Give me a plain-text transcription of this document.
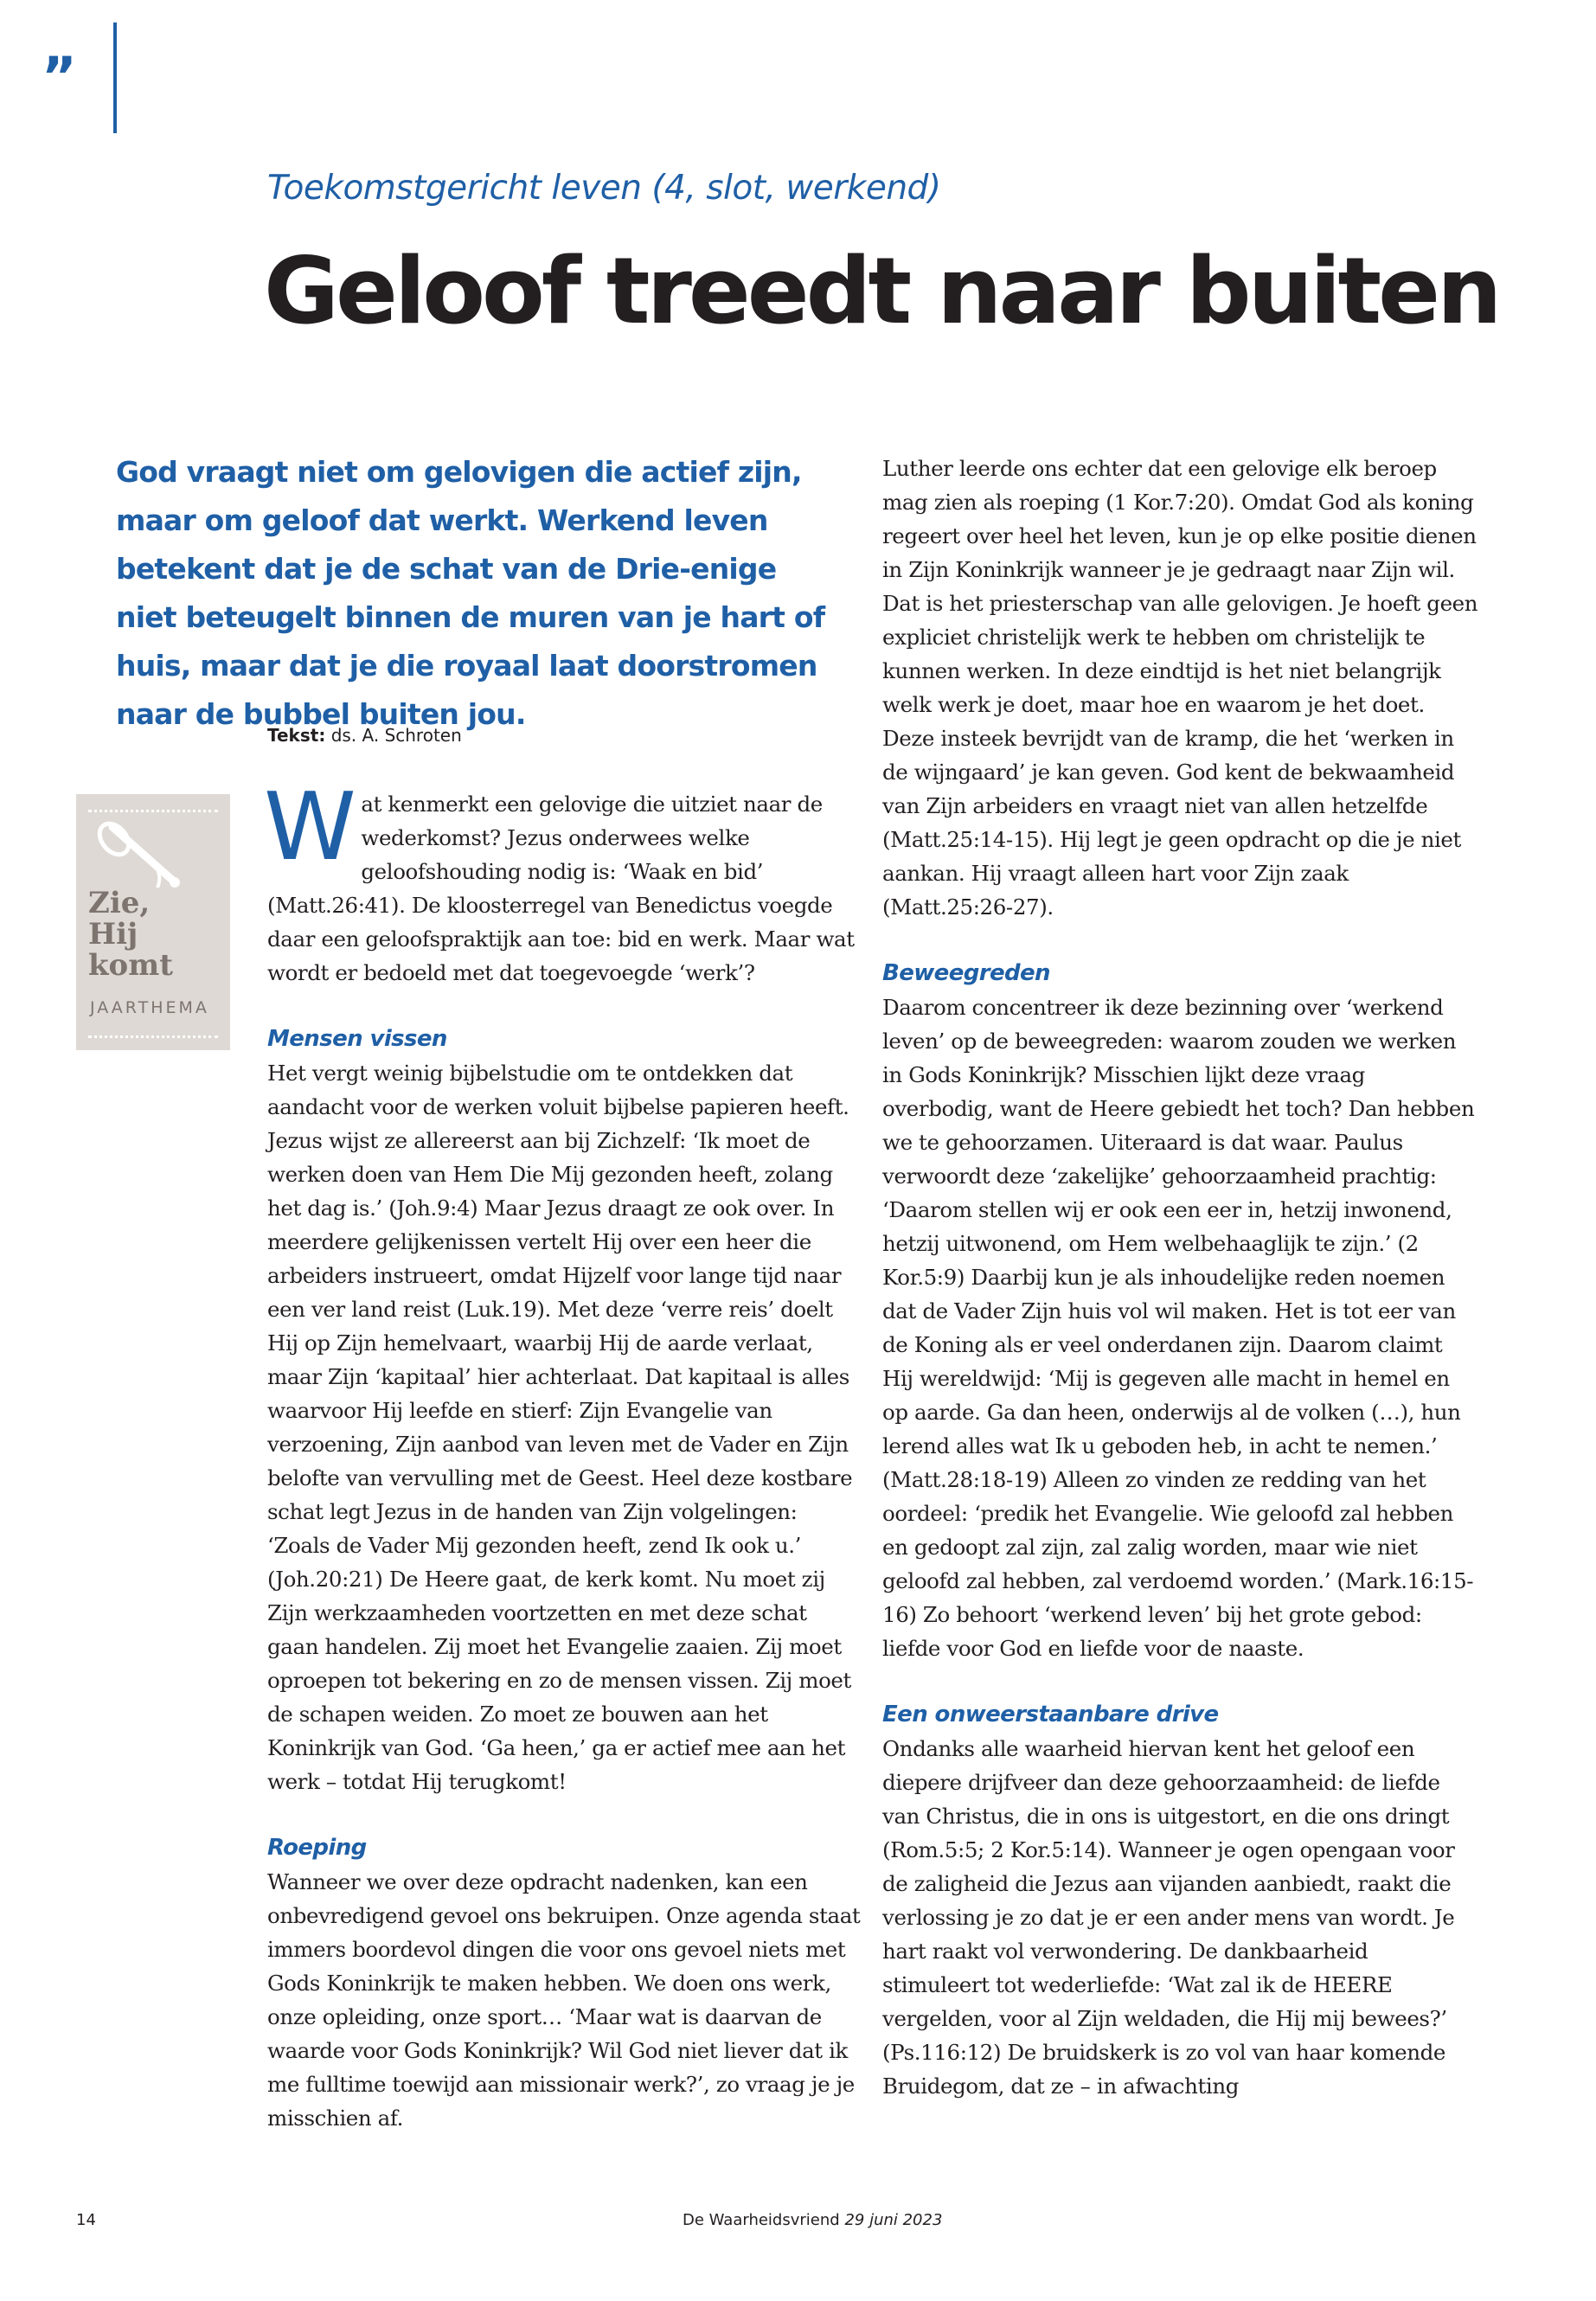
”
Toekomstgericht leven (4, slot, werkend)
Geloof treedt naar buiten
God vraagt niet om gelovigen die actief zijn, maar om geloof dat werkt. Werkend leven betekent dat je de schat van de Drie-enige niet beteugelt binnen de muren van je hart of huis, maar dat je die royaal laat doorstromen naar de bubbel buiten jou.
Tekst: ds. A. Schroten
Zie,
Hij
komt
JAARTHEMA

Wat kenmerkt een gelovige die uitziet naar de wederkomst? Jezus onderwees welke geloofshouding nodig is: ‘Waak en bid’ (Matt.26:41). De kloosterregel van Benedictus voegde daar een geloofspraktijk aan toe: bid en werk. Maar wat wordt er bedoeld met dat toegevoegde ‘werk’?

Mensen vissen

Het vergt weinig bijbelstudie om te ontdekken dat aandacht voor de werken voluit bijbelse papieren heeft. Jezus wijst ze allereerst aan bij Zichzelf: ‘Ik moet de werken doen van Hem Die Mij gezonden heeft, zolang het dag is.’ (Joh.9:4) Maar Jezus draagt ze ook over. In meerdere gelijkenissen vertelt Hij over een heer die arbeiders instrueert, omdat Hijzelf voor lange tijd naar een ver land reist (Luk.19). Met deze ‘verre reis’ doelt Hij op Zijn hemelvaart, waarbij Hij de aarde verlaat, maar Zijn ‘kapitaal’ hier achterlaat. Dat kapitaal is alles waarvoor Hij leefde en stierf: Zijn Evangelie van verzoening, Zijn aanbod van leven met de Vader en Zijn belofte van vervulling met de Geest. Heel deze kostbare schat legt Jezus in de handen van Zijn volgelingen: ‘Zoals de Vader Mij gezonden heeft, zend Ik ook u.’ (Joh.20:21) De Heere gaat, de kerk komt. Nu moet zij Zijn werkzaamheden voortzetten en met deze schat gaan handelen. Zij moet het Evangelie zaaien. Zij moet oproepen tot bekering en zo de mensen vissen. Zij moet de schapen weiden. Zo moet ze bouwen aan het Koninkrijk van God. ‘Ga heen,’ ga er actief mee aan het werk – totdat Hij terugkomt!

Roeping

Wanneer we over deze opdracht nadenken, kan een onbevredigend gevoel ons bekruipen. Onze agenda staat immers boordevol dingen die voor ons gevoel niets met Gods Koninkrijk te maken hebben. We doen ons werk, onze opleiding, onze sport… ‘Maar wat is daarvan de waarde voor Gods Koninkrijk? Wil God niet liever dat ik me fulltime toewijd aan missionair werk?’, zo vraag je je misschien af.

Luther leerde ons echter dat een gelovige elk beroep mag zien als roeping (1 Kor.7:20). Omdat God als koning regeert over heel het leven, kun je op elke positie dienen in Zijn Koninkrijk wanneer je je gedraagt naar Zijn wil. Dat is het priesterschap van alle gelovigen. Je hoeft geen expliciet christelijk werk te hebben om christelijk te kunnen werken. In deze eindtijd is het niet belangrijk welk werk je doet, maar hoe en waarom je het doet. Deze insteek bevrijdt van de kramp, die het ‘werken in de wijngaard’ je kan geven. God kent de bekwaamheid van Zijn arbeiders en vraagt niet van allen hetzelfde (Matt.25:14-15). Hij legt je geen opdracht op die je niet aankan. Hij vraagt alleen hart voor Zijn zaak (Matt.25:26-27).

Beweegreden

Daarom concentreer ik deze bezinning over ‘werkend leven’ op de beweegreden: waarom zouden we werken in Gods Koninkrijk? Misschien lijkt deze vraag overbodig, want de Heere gebiedt het toch? Dan hebben we te gehoorzamen. Uiteraard is dat waar. Paulus verwoordt deze ‘zakelijke’ gehoorzaamheid prachtig: ‘Daarom stellen wij er ook een eer in, hetzij inwonend, hetzij uitwonend, om Hem welbehaaglijk te zijn.’ (2 Kor.5:9) Daarbij kun je als inhoudelijke reden noemen dat de Vader Zijn huis vol wil maken. Het is tot eer van de Koning als er veel onderdanen zijn. Daarom claimt Hij wereldwijd: ‘Mij is gegeven alle macht in hemel en op aarde. Ga dan heen, onderwijs al de volken (…), hun lerend alles wat Ik u geboden heb, in acht te nemen.’ (Matt.28:18-19) Alleen zo vinden ze redding van het oordeel: ‘predik het Evangelie. Wie geloofd zal hebben en gedoopt zal zijn, zal zalig worden, maar wie niet geloofd zal hebben, zal verdoemd worden.’ (Mark.16:15-16) Zo behoort ‘werkend leven’ bij het grote gebod: liefde voor God en liefde voor de naaste.

Een onweerstaanbare drive

Ondanks alle waarheid hiervan kent het geloof een diepere drijfveer dan deze gehoorzaamheid: de liefde van Christus, die in ons is uitgestort, en die ons dringt (Rom.5:5; 2 Kor.5:14). Wanneer je ogen opengaan voor de zaligheid die Jezus aan vijanden aanbiedt, raakt die verlossing je zo dat je er een ander mens van wordt. Je hart raakt vol verwondering. De dankbaarheid stimuleert tot wederliefde: ‘Wat zal ik de HEERE vergelden, voor al Zijn weldaden, die Hij mij bewees?’ (Ps.116:12) De bruidskerk is zo vol van haar komende Bruidegom, dat ze – in afwachting

14	De Waarheidsvriend 29 juni 2023
